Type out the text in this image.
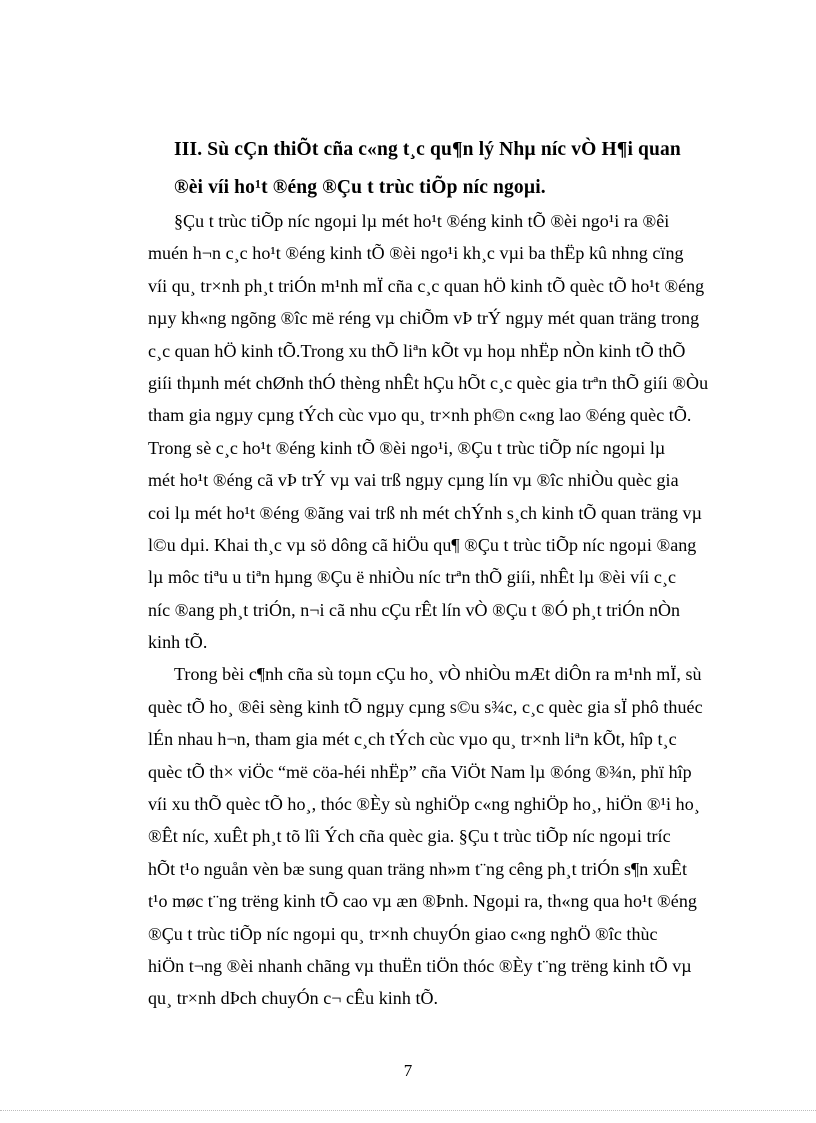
III. Sù cÇn thiÕt cña c«ng t¸c qu¶n lý Nhµ níc vÒ H¶i quan
®èi víi ho¹t ®éng ®Çu t trùc tiÕp níc ngoµi.
§Çu t trùc tiÕp níc ngoµi lµ mét ho¹t ®éng kinh tÕ ®èi ngo¹i ra ®êi
muén h¬n c¸c ho¹t ®éng kinh tÕ ®èi ngo¹i kh¸c vµi ba thËp kû nhng cïng
víi qu¸ tr×nh ph¸t triÓn m¹nh mÏ cña c¸c quan hÖ kinh tÕ quèc tÕ ho¹t ®éng
nµy kh«ng ngõng ®îc më réng vµ chiÕm vÞ trÝ ngµy mét quan träng trong
c¸c quan hÖ kinh tÕ.Trong xu thÕ liªn kÕt vµ hoµ nhËp nÒn kinh tÕ thÕ
giíi thµnh mét chØnh thÓ thèng nhÊt hÇu hÕt c¸c quèc gia trªn thÕ giíi ®Òu
tham gia ngµy cµng tÝch cùc vµo qu¸ tr×nh ph©n c«ng lao ®éng quèc tÕ.
Trong sè c¸c ho¹t ®éng kinh tÕ ®èi ngo¹i, ®Çu t trùc tiÕp níc ngoµi lµ
mét ho¹t ®éng cã vÞ trÝ vµ vai trß ngµy cµng lín vµ ®îc nhiÒu quèc gia
coi lµ mét ho¹t ®éng ®ãng vai trß nh mét chÝnh s¸ch kinh tÕ quan träng vµ
l©u dµi. Khai th¸c vµ sö dông cã hiÖu qu¶ ®Çu t trùc tiÕp níc ngoµi ®ang
lµ môc tiªu u tiªn hµng ®Çu ë nhiÒu níc trªn thÕ giíi, nhÊt lµ ®èi víi c¸c
níc ®ang ph¸t triÓn, n¬i cã nhu cÇu rÊt lín vÒ ®Çu t ®Ó ph¸t triÓn nÒn
kinh tÕ.
Trong bèi c¶nh cña sù toµn cÇu ho¸ vÒ nhiÒu mÆt diÔn ra m¹nh mÏ, sù
quèc tÕ ho¸ ®êi sèng kinh tÕ ngµy cµng s©u s¾c, c¸c quèc gia sÏ phô thuéc
lÉn nhau h¬n, tham gia mét c¸ch tÝch cùc vµo qu¸ tr×nh liªn kÕt, hîp t¸c
quèc tÕ th× viÖc “më cöa-héi nhËp” cña ViÖt Nam lµ ®óng ®¾n, phï hîp
víi xu thÕ quèc tÕ ho¸, thóc ®Èy sù nghiÖp c«ng nghiÖp ho¸, hiÖn ®¹i ho¸
®Êt níc, xuÊt ph¸t tõ lîi Ých cña quèc gia. §Çu t trùc tiÕp níc ngoµi tríc
hÕt t¹o nguån vèn bæ sung quan träng nh»m t¨ng cêng ph¸t triÓn s¶n xuÊt
t¹o møc t¨ng trëng kinh tÕ cao vµ æn ®Þnh. Ngoµi ra, th«ng qua ho¹t ®éng
®Çu t trùc tiÕp níc ngoµi qu¸ tr×nh chuyÓn giao c«ng nghÖ ®îc thùc
hiÖn t¬ng ®èi nhanh chãng vµ thuËn tiÖn thóc ®Èy t¨ng trëng kinh tÕ vµ
qu¸ tr×nh dÞch chuyÓn c¬ cÊu kinh tÕ.
7
